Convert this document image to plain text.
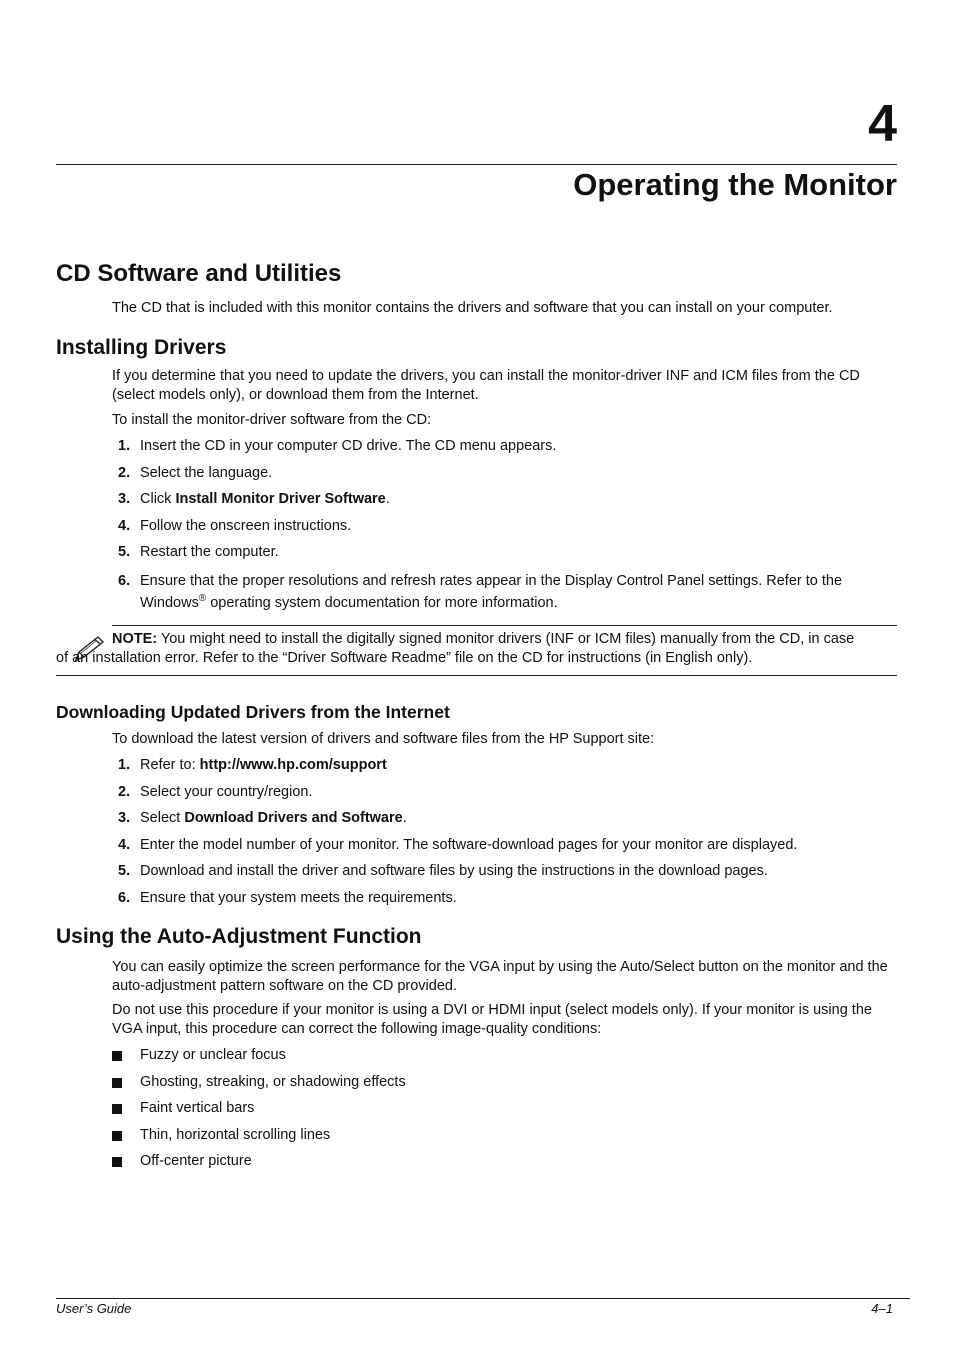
4
Operating the Monitor
CD Software and Utilities

The CD that is included with this monitor contains the drivers and software that you can install on your computer.

Installing Drivers

If you determine that you need to update the drivers, you can install the monitor-driver INF and ICM files from the CD (select models only), or download them from the Internet.

To install the monitor-driver software from the CD:

1. Insert the CD in your computer CD drive. The CD menu appears.
2. Select the language.
3. Click Install Monitor Driver Software.
4. Follow the onscreen instructions.
5. Restart the computer.
6. Ensure that the proper resolutions and refresh rates appear in the Display Control Panel settings. Refer to the Windows® operating system documentation for more information.

NOTE: You might need to install the digitally signed monitor drivers (INF or ICM files) manually from the CD, in case
of an installation error. Refer to the “Driver Software Readme” file on the CD for instructions (in English only).

Downloading Updated Drivers from the Internet

To download the latest version of drivers and software files from the HP Support site:

1. Refer to: http://www.hp.com/support
2. Select your country/region.
3. Select Download Drivers and Software.
4. Enter the model number of your monitor. The software-download pages for your monitor are displayed.
5. Download and install the driver and software files by using the instructions in the download pages.
6. Ensure that your system meets the requirements.
Using the Auto-Adjustment Function

You can easily optimize the screen performance for the VGA input by using the Auto/Select button on the monitor and the auto-adjustment pattern software on the CD provided.

Do not use this procedure if your monitor is using a DVI or HDMI input (select models only). If your monitor is using the VGA input, this procedure can correct the following image-quality conditions:

Fuzzy or unclear focus
Ghosting, streaking, or shadowing effects
Faint vertical bars
Thin, horizontal scrolling lines
Off-center picture
User’s Guide	4–1
